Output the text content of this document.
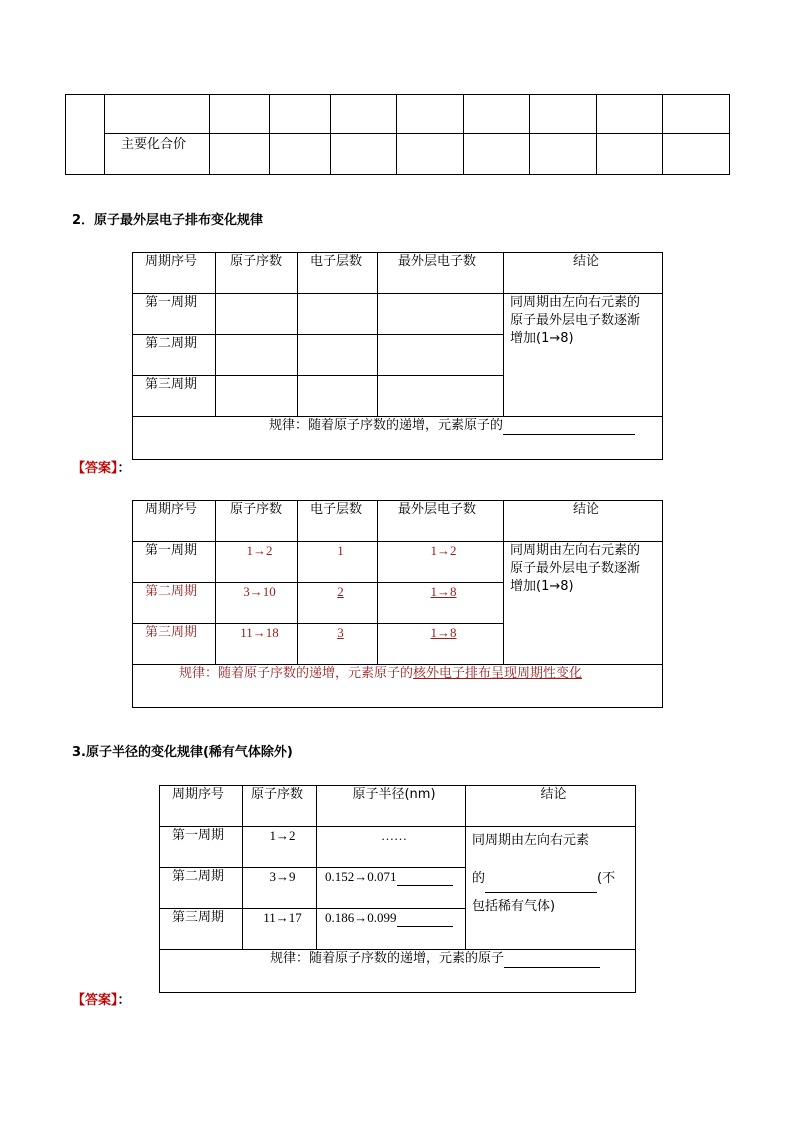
	主要化合价								
2．原子最外层电子排布变化规律
周期序号	原子序数	电子层数	最外层电子数	结论
第一周期				同周期由左向右元素的
原子最外层电子数逐渐
增加(1→8)

第二周期				
第三周期				
规律：随着原子序数的递增，元素原子的				
【答案】：
周期序号	原子序数	电子层数	最外层电子数	结论
第一周期	1→2	1	1→2	同周期由左向右元素的
原子最外层电子数逐渐
增加(1→8)

第二周期	3→10	2	1→8	
第三周期	11→18	3	1→8	
规律：随着原子序数的递增，元素原子的核外电子排布呈现周期性变化				
3.原子半径的变化规律(稀有气体除外)
周期序号	原子序数	原子半径(nm)	结论
第一周期	1→2	……	同周期由左向右元素
的 (不
包括稀有气体)

第二周期	3→9	0.152→0.071	
第三周期	11→17	0.186→0.099	
规律：随着原子序数的递增，元素的原子			
【答案】：
